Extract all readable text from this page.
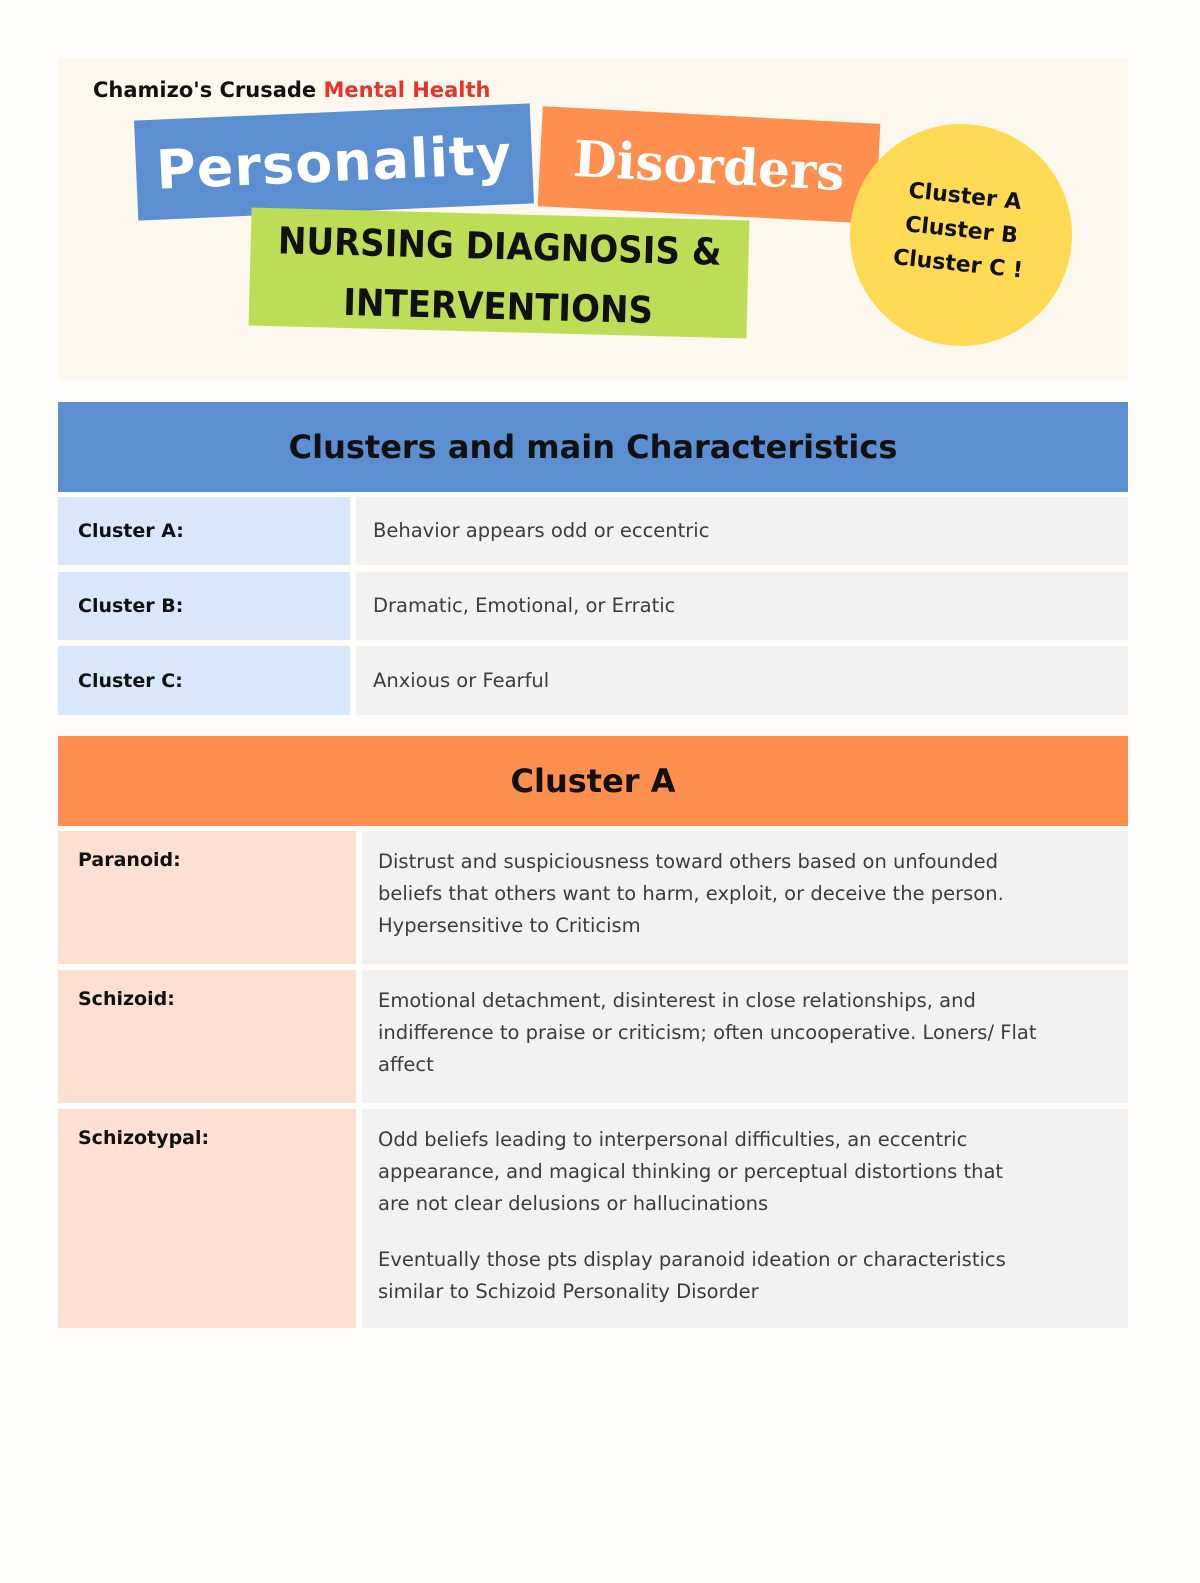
Chamizo's Crusade Mental Health
Personality Disorders
NURSING DIAGNOSIS &
INTERVENTIONS
Cluster A
Cluster B
Cluster C !
Clusters and main Characteristics
Cluster A:	Behavior appears odd or eccentric
Cluster B:	Dramatic, Emotional, or Erratic
Cluster C:	Anxious or Fearful
Cluster A
Paranoid:	Distrust and suspiciousness toward others based on unfounded
beliefs that others want to harm, exploit, or deceive the person.
Hypersensitive to Criticism
Schizoid:	Emotional detachment, disinterest in close relationships, and
indifference to praise or criticism; often uncooperative. Loners/ Flat
affect
Schizotypal:	Odd beliefs leading to interpersonal difficulties, an eccentric
appearance, and magical thinking or perceptual distortions that
are not clear delusions or hallucinations
Eventually those pts display paranoid ideation or characteristics
similar to Schizoid Personality Disorder
